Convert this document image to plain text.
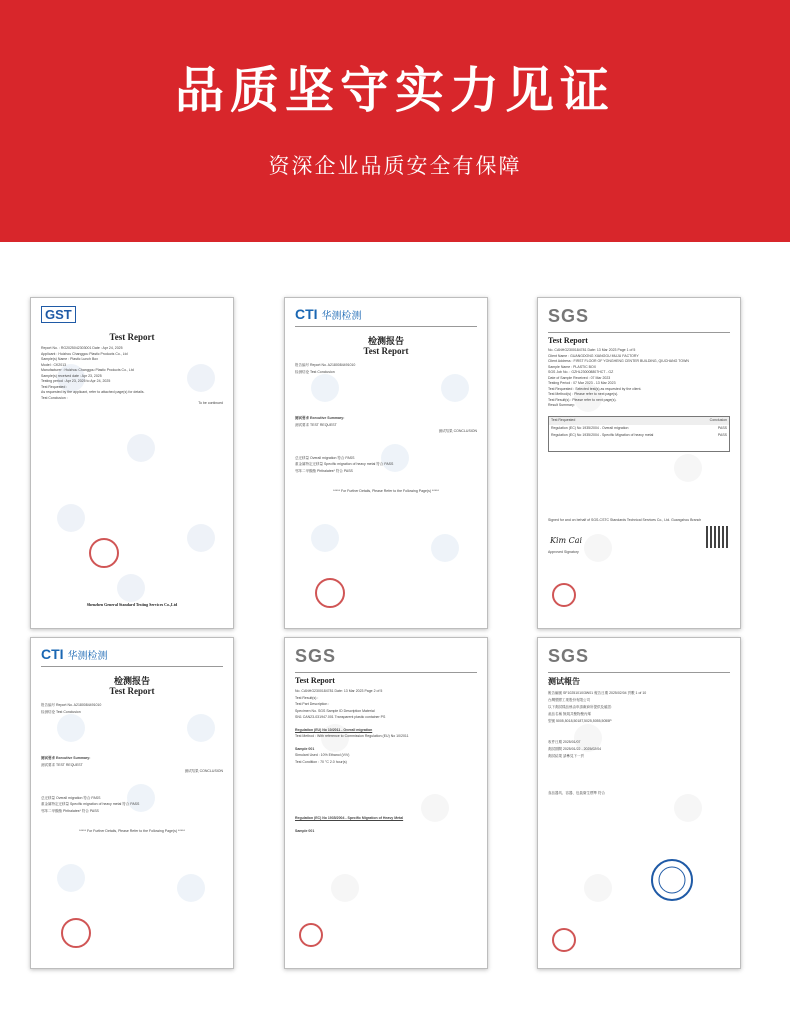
品质坚守实力见证
资深企业品质安全有保障
GST
Test Report
Report No. : RG2025042303001 Date : Apr 24, 2025
Applicant : Huizhou Changgou Plastic Products Co., Ltd
Sample(s) Name : Plastic Lunch Box
Model : CK2013
Manufacturer : Huizhou Changgou Plastic Products Co., Ltd
Sample(s) received date : Apr 23, 2025
Testing period : Apr 23, 2025 to Apr 24, 2025
Test Requested :
As requested by the applicant, refer to attached page(s) for details.
Test Conclusion :
To be continued
Shenzhen General Standard Testing Services Co.,Ltd
CTI 华测检测
检测报告
Test Report
报告编号 Report No. A2180084491010
检测结论 Test Conclusion
测试要求 Executive Summary:
测试要求 TEST REQUEST
测试结果 CONCLUSION
总迁移量 Overall migration 符合 PASS
重金属特定迁移量 Specific migration of heavy metal 符合 PASS
邻苯二甲酸酯 Phthalates* 符合 PASS
***** For Further Details, Please Refer to the Following Page(s) *****
SGS
Test Report
No. CANHG2300184781 Date: 13 Mar 2023 Page 1 of 5
Client Name : GUANGDONG XIANGGU MUJU FACTORY
Client Address : FIRST FLOOR OF YONGHENG CENTER BUILDING, QIUCHANG TOWN
Sample Name : PLASTIC BOX
SGS Job No. : GZHL230008807HCT - GZ
Date of Sample Received : 07 Mar 2023
Testing Period : 07 Mar 2023 - 13 Mar 2023
Test Requested : Selected test(s) as requested by the client.
Test Method(s) : Please refer to next page(s).
Test Result(s) : Please refer to next page(s).
Result Summary:
Test Requested	Conclusion
Regulation (EC) No 1935/2004 - Overall migration	PASS
Regulation (EC) No 1935/2004 - Specific Migration of heavy metal	PASS
Signed for and on behalf of SGS-CSTC Standards Technical Services Co., Ltd. Guangzhou Branch
Kim Cai
Approved Signatory
CTI 华测检测
检测报告
Test Report
报告编号 Report No. A2180084491010
检测结论 Test Conclusion
测试要求 Executive Summary:
测试要求 TEST REQUEST
测试结果 CONCLUSION
总迁移量 Overall migration 符合 PASS
重金属特定迁移量 Specific migration of heavy metal 符合 PASS
邻苯二甲酸酯 Phthalates* 符合 PASS
***** For Further Details, Please Refer to the Following Page(s) *****
SGS
Test Report
No. CANHG2300184781 Date: 13 Mar 2023 Page 2 of 5
Test Result(s) :
Test Part Description :
Specimen No. SGS Sample ID Description Material
SN1 CAN23-031947.001 Transparent plastic container PS
Regulation (EU) No 10/2011 - Overall migration
Test Method : With reference to Commission Regulation (EU) No 10/2011
Sample 001
Simulant Used : 10% Ethanol (V/V)
Test Condition : 70 °C 2.0 hour(s)
Regulation (EC) No 1935/2004 - Specific Migration of Heavy Metal
Sample 001
SGS
测试報告
報告編號 SF10251010/3W01 報告日期 2025/02/04 頁數 1 of 10
台灣塑膠工業股份有限公司
以下測試樣品係由申請廠商所提供及確認：
產品名稱 無規共聚物聚丙烯
型號 5005,5018,5018T,5025,5055,5055P
收件日期 2025/01/07
測試期間 2025/01/22 - 2025/02/04
測試結果 請參見下一頁
食品器具、容器、包裝衛生標準 符合
